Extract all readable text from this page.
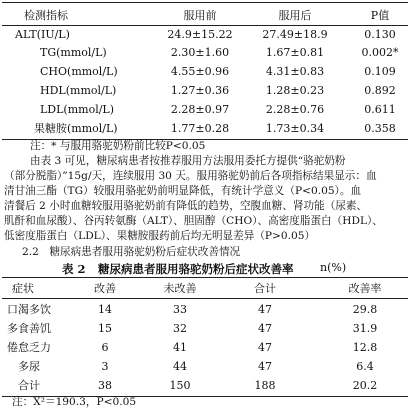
检测指标	服用前	服用后	P值
ALT(IU/L)	24.9±15.22	27.49±18.9	0.130
TG(mmol/L)	2.30±1.60	1.67±0.81	0.002*
CHO(mmol/L)	4.55±0.96	4.31±0.83	0.109
HDL(mmol/L)	1.27±0.36	1.28±0.23	0.892
LDL(mmol/L)	2.28±0.97	2.28±0.76	0.611
果糖胺(mmol/L)	1.77±0.28	1.73±0.34	0.358
注：* 与服用骆驼奶粉前比较P<0.05
由表 3 可见，糖尿病患者按推荐服用方法服用委托方提供“骆驼奶粉
（部分脱脂）”15g/天，连续服用 30 天。服用骆驼奶前后各项指标结果显示：血
清甘油三酯（TG）较服用骆驼奶前明显降低，有统计学意义（P<0.05）。血
清餐后 2 小时血糖较服用骆驼奶前有降低的趋势，空腹血糖、肾功能（尿素、
肌酐和血尿酸）、谷丙转氨酶（ALT）、胆固醇（CHO）、高密度脂蛋白（HDL）、
低密度脂蛋白（LDL）、果糖胺服药前后均无明显差异（P>0.05）
2.2　糖尿病患者服用骆驼奶粉后症状改善情况
表 2 糖尿病患者服用骆驼奶粉后症状改善率 n(%)
症状	改善	未改善	合计	改善率
口渴多饮	14	33	47	29.8
多食善饥	15	32	47	31.9
倦怠乏力	6	41	47	12.8
多尿	3	44	47	6.4
合计	38	150	188	20.2
注：X²＝190.3，P<0.05
